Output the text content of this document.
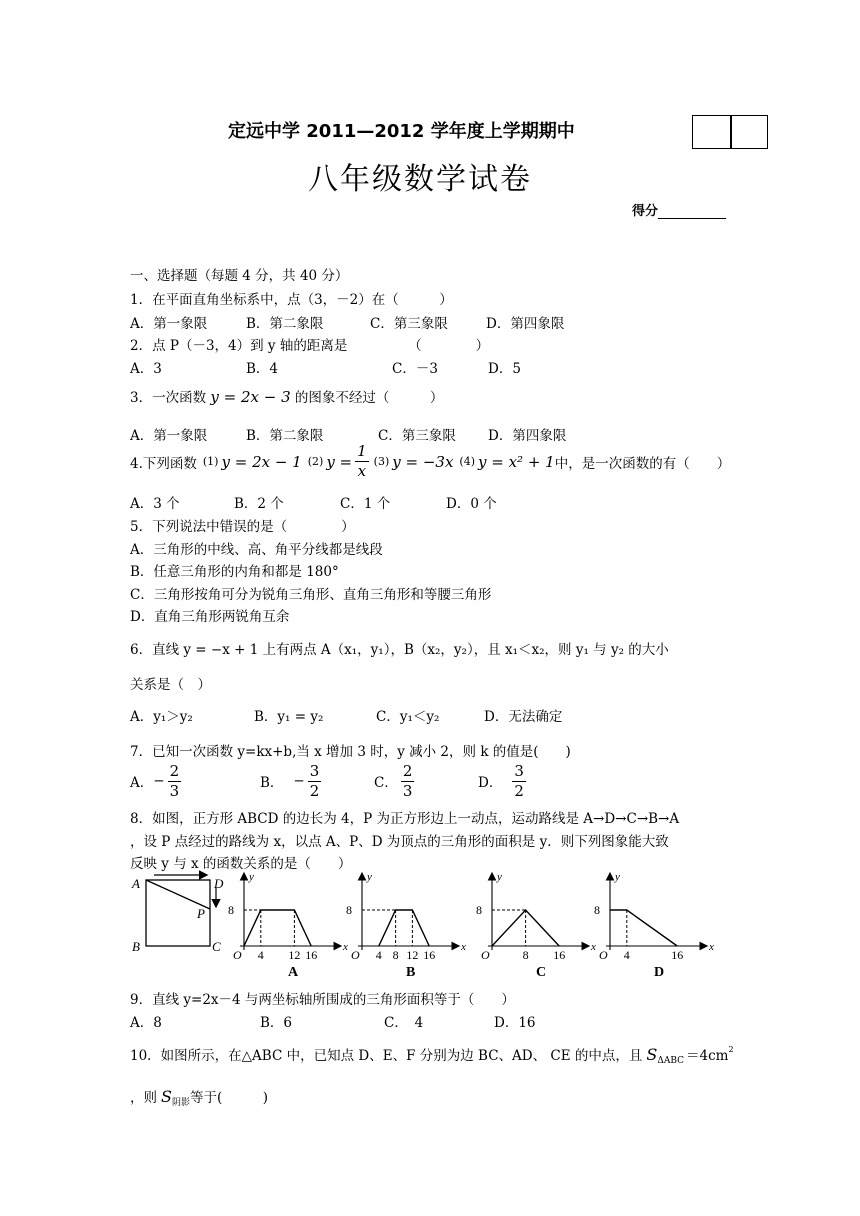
定远中学 2011—2012 学年度上学期期中
八年级数学试卷
得分
一、选择题（每题 4 分，共 40 分）
1．在平面直角坐标系中，点（3，－2）在（　　　）
A．第一象限	B．第二象限	C．第三象限	D．第四象限
2．点 P（－3，4）到 y 轴的距离是　　　　　（　　　　）
A．3	B．4	C．－3	D．5
3．一次函数 y = 2x − 3 的图象不经过（　　　）
A．第一象限	B．第二象限	C．第三象限 D．第四象限
4.下列函数 (1) y = 2x − 1 (2) $y = \frac{1}{x} (3) y = -3x$ (4) y = x² + 1 中，是一次函数的有（　　）
A．3 个	B．2 个	C．1 个	D．0 个
5．下列说法中错误的是（　　　　）
A．三角形的中线、高、角平分线都是线段
B．任意三角形的内角和都是 180°
C．三角形按角可分为锐角三角形、直角三角形和等腰三角形
D．直角三角形两锐角互余
6．直线 y = −x + 1 上有两点 A（x₁，y₁），B（x₂，y₂），且 x₁＜x₂，则 y₁ 与 y₂ 的大小
关系是（　）
A．y₁＞y₂	B．y₁ = y₂	C．y₁＜y₂	D．无法确定
7．已知一次函数 y=kx+b,当 x 增加 3 时，y 减小 2，则 k 的值是(　　)
A． − $\frac{2}{3}$	B． − $\frac{3}{2}$	C． $\frac{2}{3}$	D． $\frac{3}{2}$
8．如图，正方形 ABCD 的边长为 4，P 为正方形边上一动点，运动路线是 A→D→C→B→A
，设 P 点经过的路线为 x，以点 A、P、D 为顶点的三角形的面积是 y．则下列图象能大致
反映 y 与 x 的函数关系的是（　　）
A	D
P
B	C
y
x
O
8
4 12 16
A
y
x
O
8
4 8 12 16
B
y
x
O
8
8 16
C
y
x
O
8
4	16
D
9．直线 y=2x－4 与两坐标轴所围成的三角形面积等于（　　）
A．8	B．6	C．　4	D．16
10．如图所示，在△ABC 中，已知点 D、E、F 分别为边 BC、AD、 CE 的中点，且 S ΔABC ＝4cm 2
，则 S 阴影 等于(　　　)
